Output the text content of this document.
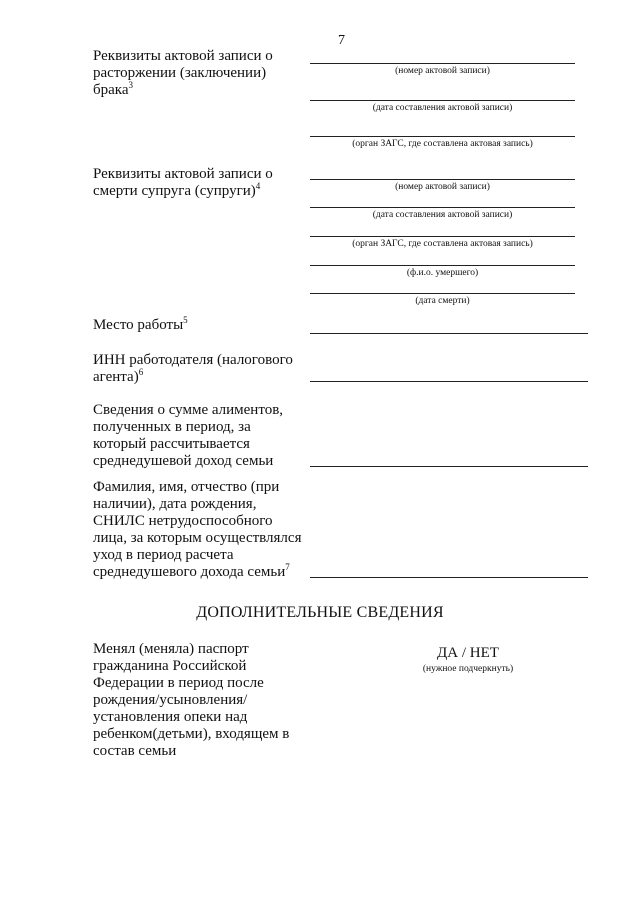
7
Реквизиты актовой записи о расторжении (заключении) брака$^3$
(номер актовой записи)
(дата составления актовой записи)
(орган ЗАГС, где составлена актовая запись)
Реквизиты актовой записи о смерти супруга (супруги)$^4$	(номер актовой записи)
(дата составления актовой записи)
(орган ЗАГС, где составлена актовая запись)
(ф.и.о. умершего)
(дата смерти)
Место работы$^5$
ИНН работодателя (налогового агента)$^6$
Сведения о сумме алиментов, полученных в период, за который рассчитывается среднедушевой доход семьи
Фамилия, имя, отчество (при наличии), дата рождения, СНИЛС нетрудоспособного лица, за которым осуществлялся уход в период расчета среднедушевого дохода семьи$^7$
ДОПОЛНИТЕЛЬНЫЕ СВЕДЕНИЯ
Менял (меняла) паспорт гражданина Российской Федерации в период после рождения/усыновления/ установления опеки над ребенком(детьми), входящем в состав семьи
ДА / НЕТ
(нужное подчеркнуть)
